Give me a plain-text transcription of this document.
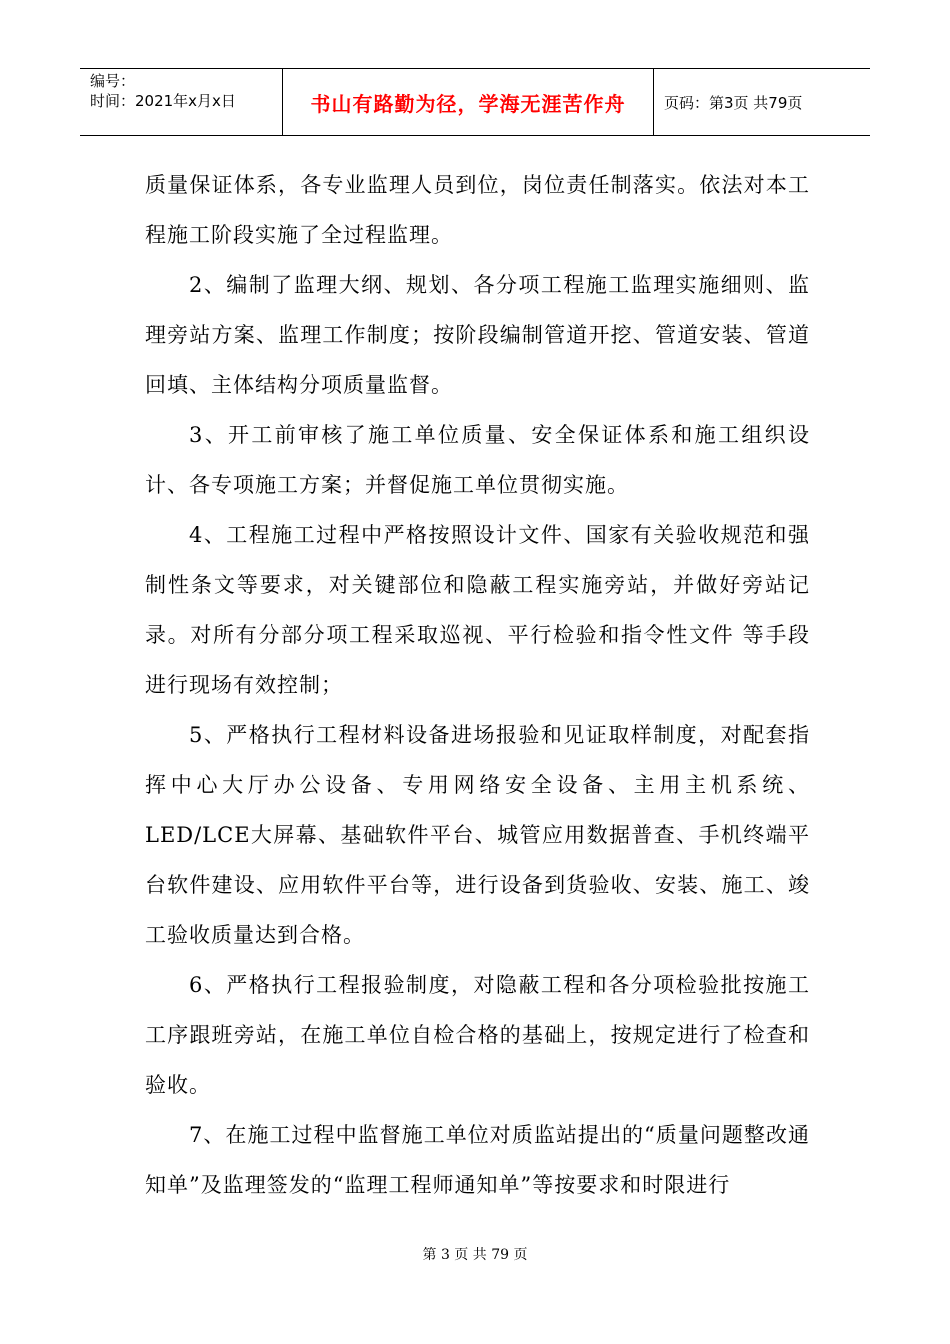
编号：
时间：2021年x月x日	书山有路勤为径，学海无涯苦作舟	页码：第3页 共79页

质量保证体系，各专业监理人员到位，岗位责任制落实。依法对本工程施工阶段实施了全过程监理。

2、编制了监理大纲、规划、各分项工程施工监理实施细则、监理旁站方案、监理工作制度；按阶段编制管道开挖、管道安装、管道回填、主体结构分项质量监督。

3、开工前审核了施工单位质量、安全保证体系和施工组织设计、各专项施工方案；并督促施工单位贯彻实施。

4、工程施工过程中严格按照设计文件、国家有关验收规范和强制性条文等要求，对关键部位和隐蔽工程实施旁站，并做好旁站记录。对所有分部分项工程采取巡视、平行检验和指令性文件 等手段进行现场有效控制；

5、严格执行工程材料设备进场报验和见证取样制度，对配套指挥中心大厅办公设备、专用网络安全设备、主用主机系统、LED/LCE大屏幕、基础软件平台、城管应用数据普查、手机终端平台软件建设、应用软件平台等，进行设备到货验收、安装、施工、竣工验收质量达到合格。

6、严格执行工程报验制度，对隐蔽工程和各分项检验批按施工工序跟班旁站，在施工单位自检合格的基础上，按规定进行了检查和验收。

7、在施工过程中监督施工单位对质监站提出的“质量问题整改通知单”及监理签发的“监理工程师通知单”等按要求和时限进行

第 3 页 共 79 页
